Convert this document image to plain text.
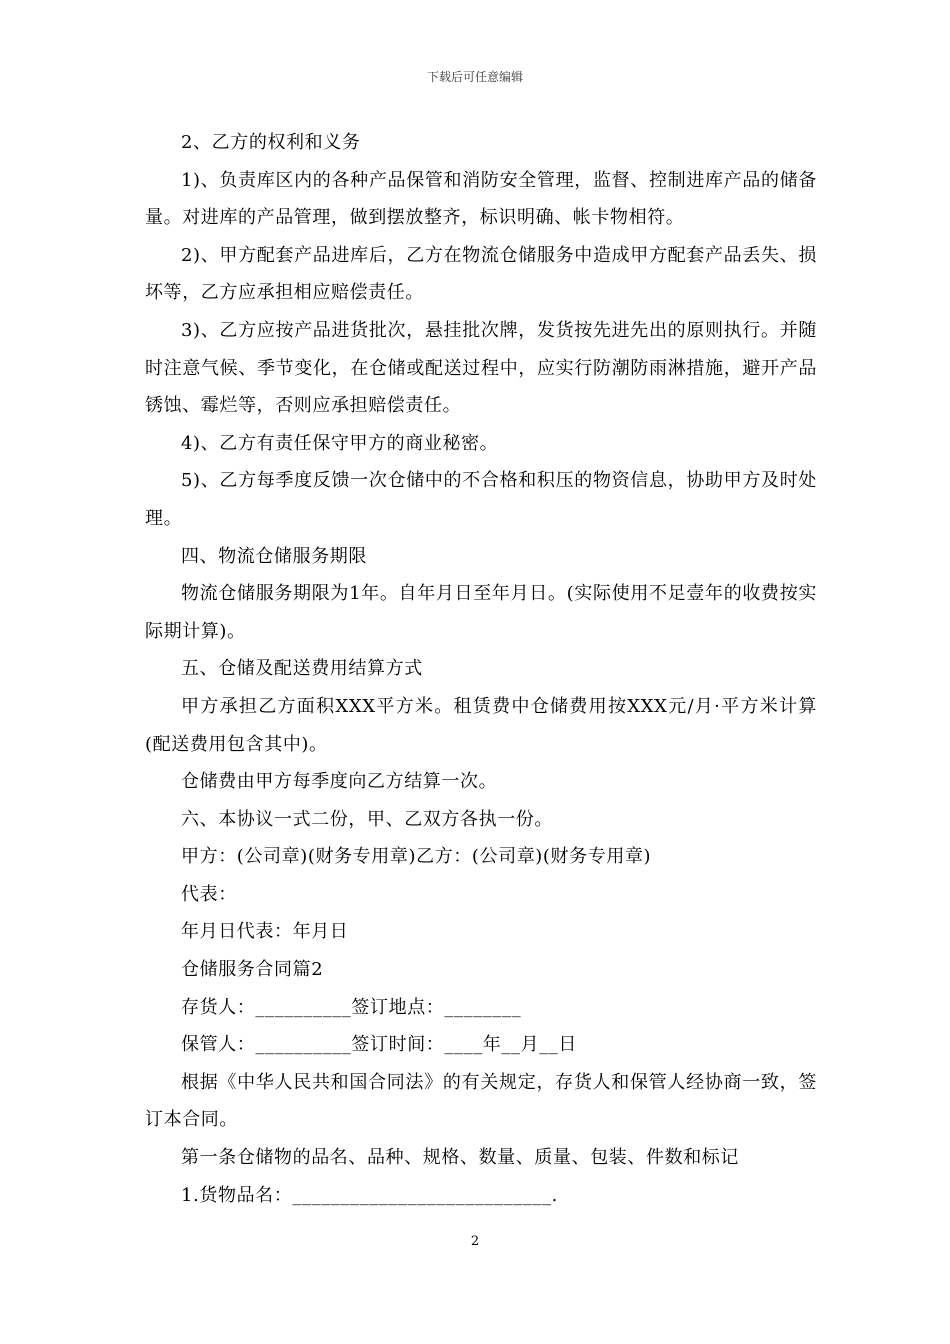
下载后可任意编辑

2、乙方的权利和义务

1)、负责库区内的各种产品保管和消防安全管理，监督、控制进库产品的储备量。对进库的产品管理，做到摆放整齐，标识明确、帐卡物相符。

2)、甲方配套产品进库后，乙方在物流仓储服务中造成甲方配套产品丢失、损坏等，乙方应承担相应赔偿责任。

3)、乙方应按产品进货批次，悬挂批次牌，发货按先进先出的原则执行。并随时注意气候、季节变化，在仓储或配送过程中，应实行防潮防雨淋措施，避开产品锈蚀、霉烂等，否则应承担赔偿责任。

4)、乙方有责任保守甲方的商业秘密。

5)、乙方每季度反馈一次仓储中的不合格和积压的物资信息，协助甲方及时处理。

四、物流仓储服务期限

物流仓储服务期限为1年。自年月日至年月日。(实际使用不足壹年的收费按实际期计算)。

五、仓储及配送费用结算方式

甲方承担乙方面积XXX平方米。租赁费中仓储费用按XXX元/月·平方米计算(配送费用包含其中)。

仓储费由甲方每季度向乙方结算一次。

六、本协议一式二份，甲、乙双方各执一份。

甲方：(公司章)(财务专用章)乙方：(公司章)(财务专用章)

代表：

年月日代表：年月日

仓储服务合同篇2

存货人：__________签订地点：________

保管人：__________签订时间：____年__月__日

根据《中华人民共和国合同法》的有关规定，存货人和保管人经协商一致，签订本合同。

第一条仓储物的品名、品种、规格、数量、质量、包装、件数和标记

1.货物品名：___________________________.

2
